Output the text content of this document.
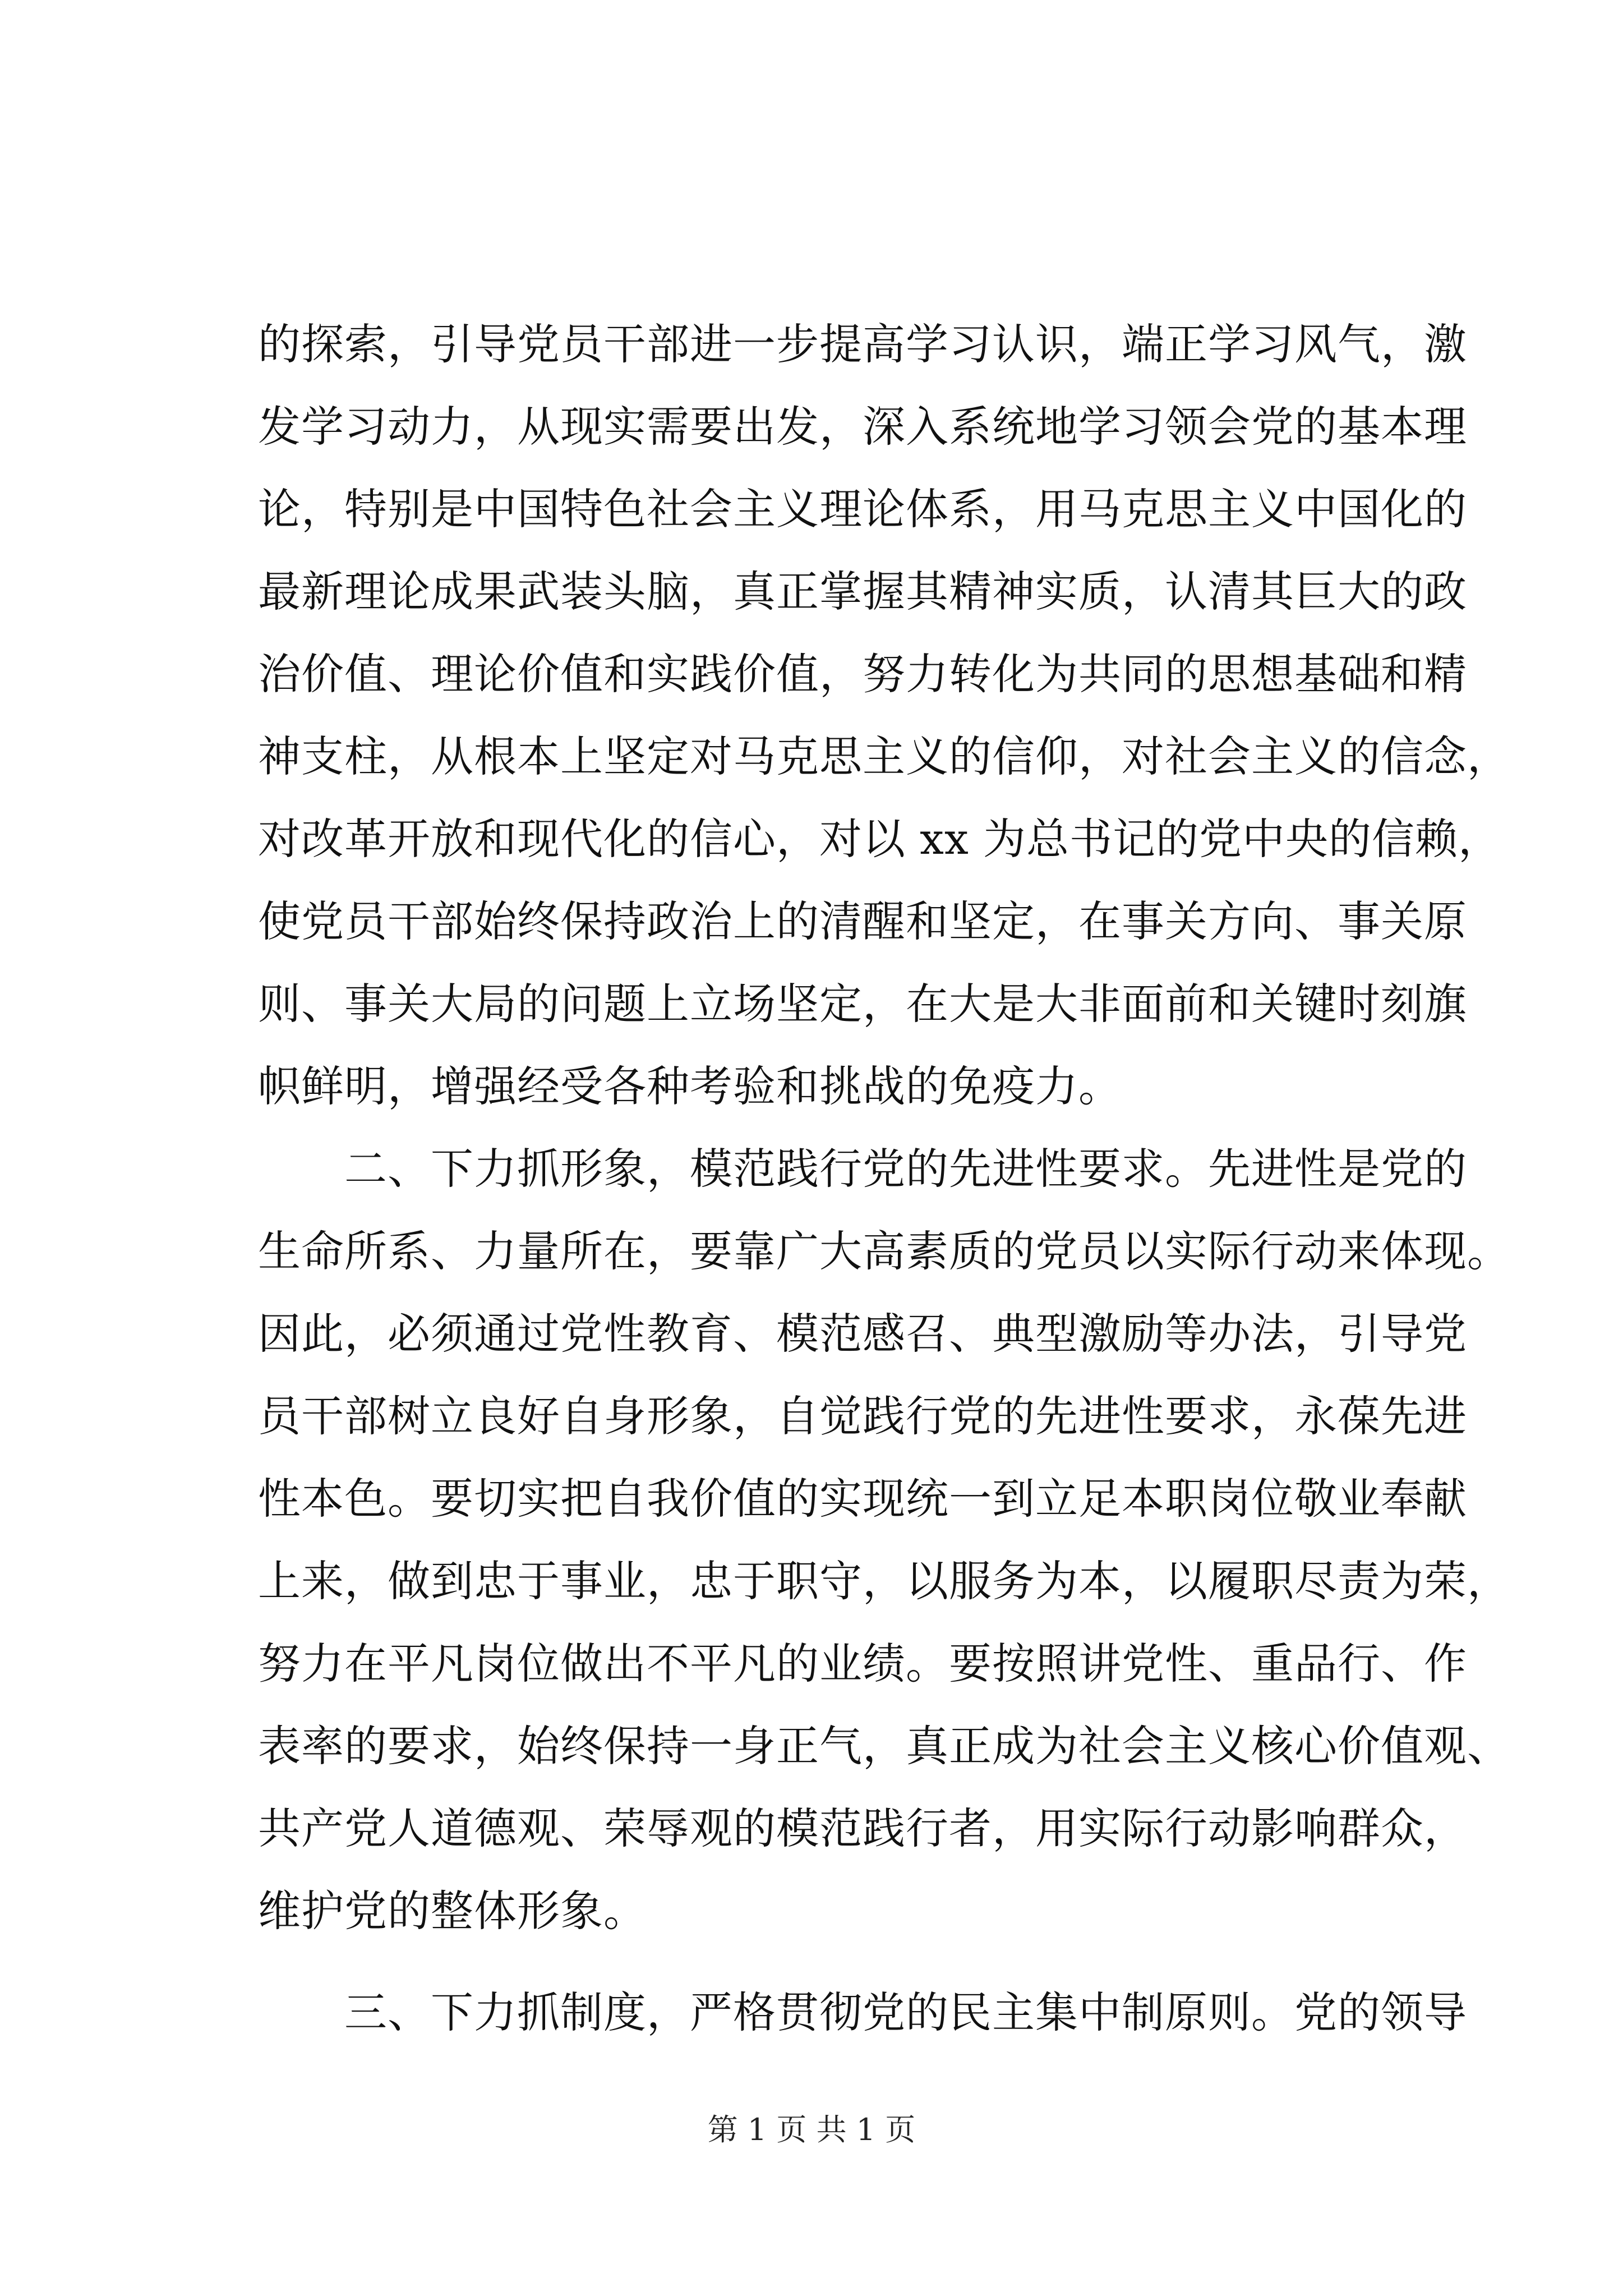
的探索，引导党员干部进一步提高学习认识，端正学习风气，激
发学习动力，从现实需要出发，深入系统地学习领会党的基本理
论，特别是中国特色社会主义理论体系，用马克思主义中国化的
最新理论成果武装头脑，真正掌握其精神实质，认清其巨大的政
治价值、理论价值和实践价值，努力转化为共同的思想基础和精
神支柱，从根本上坚定对马克思主义的信仰，对社会主义的信念，
对改革开放和现代化的信心，对以 xx 为总书记的党中央的信赖，
使党员干部始终保持政治上的清醒和坚定，在事关方向、事关原
则、事关大局的问题上立场坚定，在大是大非面前和关键时刻旗
帜鲜明，增强经受各种考验和挑战的免疫力。
　　二、下力抓形象，模范践行党的先进性要求。先进性是党的
生命所系、力量所在，要靠广大高素质的党员以实际行动来体现。
因此，必须通过党性教育、模范感召、典型激励等办法，引导党
员干部树立良好自身形象，自觉践行党的先进性要求，永葆先进
性本色。要切实把自我价值的实现统一到立足本职岗位敬业奉献
上来，做到忠于事业，忠于职守，以服务为本，以履职尽责为荣，
努力在平凡岗位做出不平凡的业绩。要按照讲党性、重品行、作
表率的要求，始终保持一身正气，真正成为社会主义核心价值观、
共产党人道德观、荣辱观的模范践行者，用实际行动影响群众，
维护党的整体形象。
　　三、下力抓制度，严格贯彻党的民主集中制原则。党的领导
第 1 页 共 1 页
